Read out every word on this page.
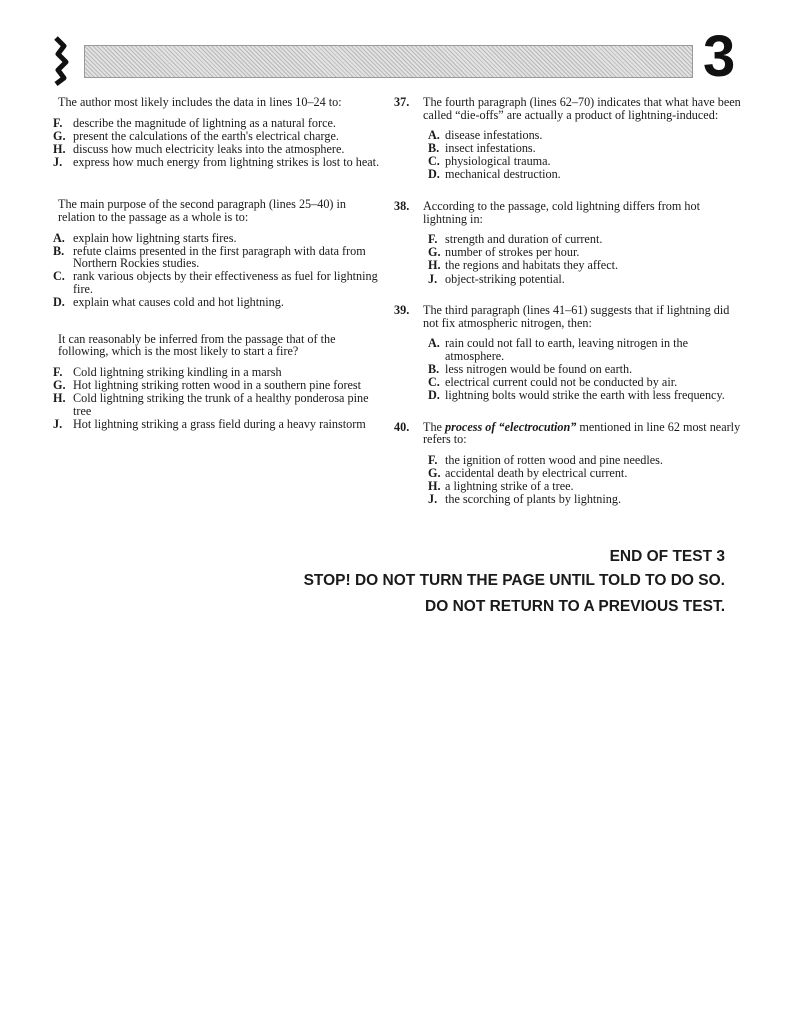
3
The author most likely includes the data in lines 10–24 to:
F. describe the magnitude of lightning as a natural force.
G. present the calculations of the earth's electrical charge.
H. discuss how much electricity leaks into the atmosphere.
J. express how much energy from lightning strikes is lost to heat.
The main purpose of the second paragraph (lines 25–40) in relation to the passage as a whole is to:
A. explain how lightning starts fires.
B. refute claims presented in the first paragraph with data from Northern Rockies studies.
C. rank various objects by their effectiveness as fuel for lightning fire.
D. explain what causes cold and hot lightning.
It can reasonably be inferred from the passage that of the following, which is the most likely to start a fire?
F. Cold lightning striking kindling in a marsh
G. Hot lightning striking rotten wood in a southern pine forest
H. Cold lightning striking the trunk of a healthy ponderosa pine tree
J. Hot lightning striking a grass field during a heavy rainstorm
37.	The fourth paragraph (lines 62–70) indicates that what have been called “die-offs” are actually a product of lightning-induced:
A. disease infestations.
B. insect infestations.
C. physiological trauma.
D. mechanical destruction.
38.	According to the passage, cold lightning differs from hot lightning in:
F. strength and duration of current.
G. number of strokes per hour.
H. the regions and habitats they affect.
J. object-striking potential.
39.	The third paragraph (lines 41–61) suggests that if lightning did not fix atmospheric nitrogen, then:
A. rain could not fall to earth, leaving nitrogen in the atmosphere.
B. less nitrogen would be found on earth.
C. electrical current could not be conducted by air.
D. lightning bolts would strike the earth with less frequency.
40.	The process of “electrocution” mentioned in line 62 most nearly refers to:
F. the ignition of rotten wood and pine needles.
G. accidental death by electrical current.
H. a lightning strike of a tree.
J. the scorching of plants by lightning.
END OF TEST 3
STOP! DO NOT TURN THE PAGE UNTIL TOLD TO DO SO.
DO NOT RETURN TO A PREVIOUS TEST.
